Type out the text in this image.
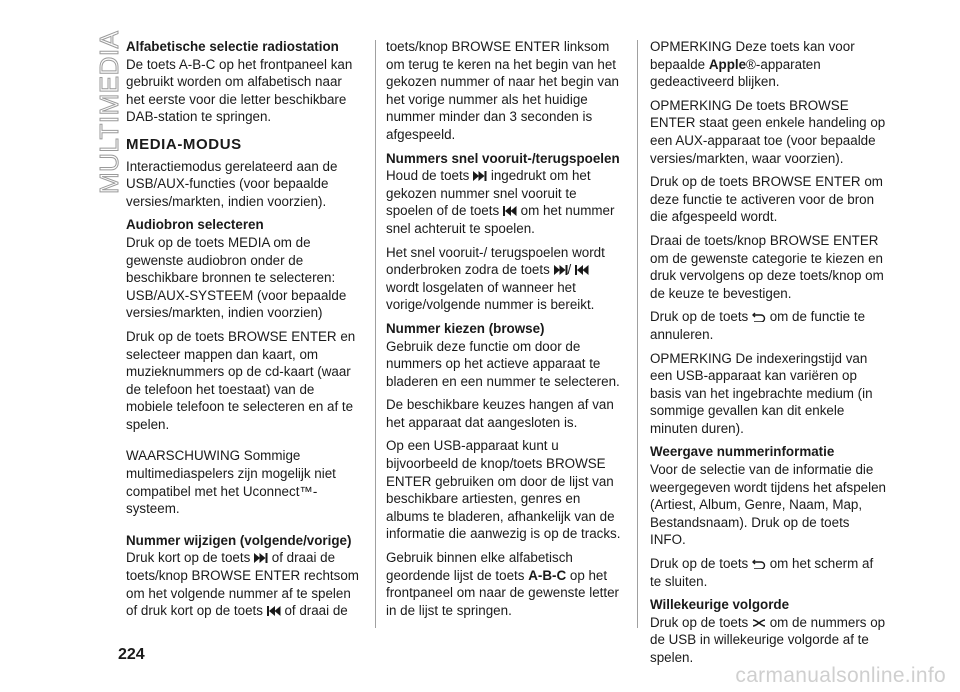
MULTIMEDIA Alfabetische selectie radiostation

De toets A-B-C op het frontpaneel kan gebruikt worden om alfabetisch naar het eerste voor die letter beschikbare DAB-station te springen.

MEDIA-MODUS

Interactiemodus gerelateerd aan de USB/AUX-functies (voor bepaalde versies/markten, indien voorzien).

Audiobron selecteren

Druk op de toets MEDIA om de gewenste audiobron onder de beschikbare bronnen te selecteren: USB/AUX-SYSTEEM (voor bepaalde versies/markten, indien voorzien)

Druk op de toets BROWSE ENTER en selecteer mappen dan kaart, om muzieknummers op de cd-kaart (waar de telefoon het toestaat) van de mobiele telefoon te selecteren en af te spelen.

WAARSCHUWING Sommige multimediaspelers zijn mogelijk niet compatibel met het Uconnect™-systeem.

Nummer wijzigen (volgende/vorige)

Druk kort op de toets of draai de toets/knop BROWSE ENTER rechtsom om het volgende nummer af te spelen of druk kort op de toets of draai de

toets/knop BROWSE ENTER linksom om terug te keren na het begin van het gekozen nummer of naar het begin van het vorige nummer als het huidige nummer minder dan 3 seconden is afgespeeld.

Nummers snel vooruit-/terugspoelen

Houd de toets ingedrukt om het gekozen nummer snel vooruit te spoelen of de toets om het nummer snel achteruit te spoelen.

Het snel vooruit-/ terugspoelen wordt onderbroken zodra de toets /
wordt losgelaten of wanneer het vorige/volgende nummer is bereikt.

Nummer kiezen (browse)

Gebruik deze functie om door de nummers op het actieve apparaat te bladeren en een nummer te selecteren.

De beschikbare keuzes hangen af van het apparaat dat aangesloten is.

Op een USB-apparaat kunt u bijvoorbeeld de knop/toets BROWSE ENTER gebruiken om door de lijst van beschikbare artiesten, genres en albums te bladeren, afhankelijk van de informatie die aanwezig is op de tracks.

Gebruik binnen elke alfabetisch geordende lijst de toets A-B-C op het frontpaneel om naar de gewenste letter in de lijst te springen.

OPMERKING Deze toets kan voor bepaalde Apple®-apparaten gedeactiveerd blijken.

OPMERKING De toets BROWSE ENTER staat geen enkele handeling op een AUX-apparaat toe (voor bepaalde versies/markten, waar voorzien).

Druk op de toets BROWSE ENTER om deze functie te activeren voor de bron die afgespeeld wordt.

Draai de toets/knop BROWSE ENTER om de gewenste categorie te kiezen en druk vervolgens op deze toets/knop om de keuze te bevestigen.

Druk op de toets om de functie te annuleren.

OPMERKING De indexeringstijd van een USB-apparaat kan variëren op basis van het ingebrachte medium (in sommige gevallen kan dit enkele minuten duren).

Weergave nummerinformatie

Voor de selectie van de informatie die weergegeven wordt tijdens het afspelen (Artiest, Album, Genre, Naam, Map, Bestandsnaam). Druk op de toets INFO.

Druk op de toets om het scherm af te sluiten.

Willekeurige volgorde

Druk op de toets om de nummers op de USB in willekeurige volgorde af te spelen.

224
carmanualsonline.info
